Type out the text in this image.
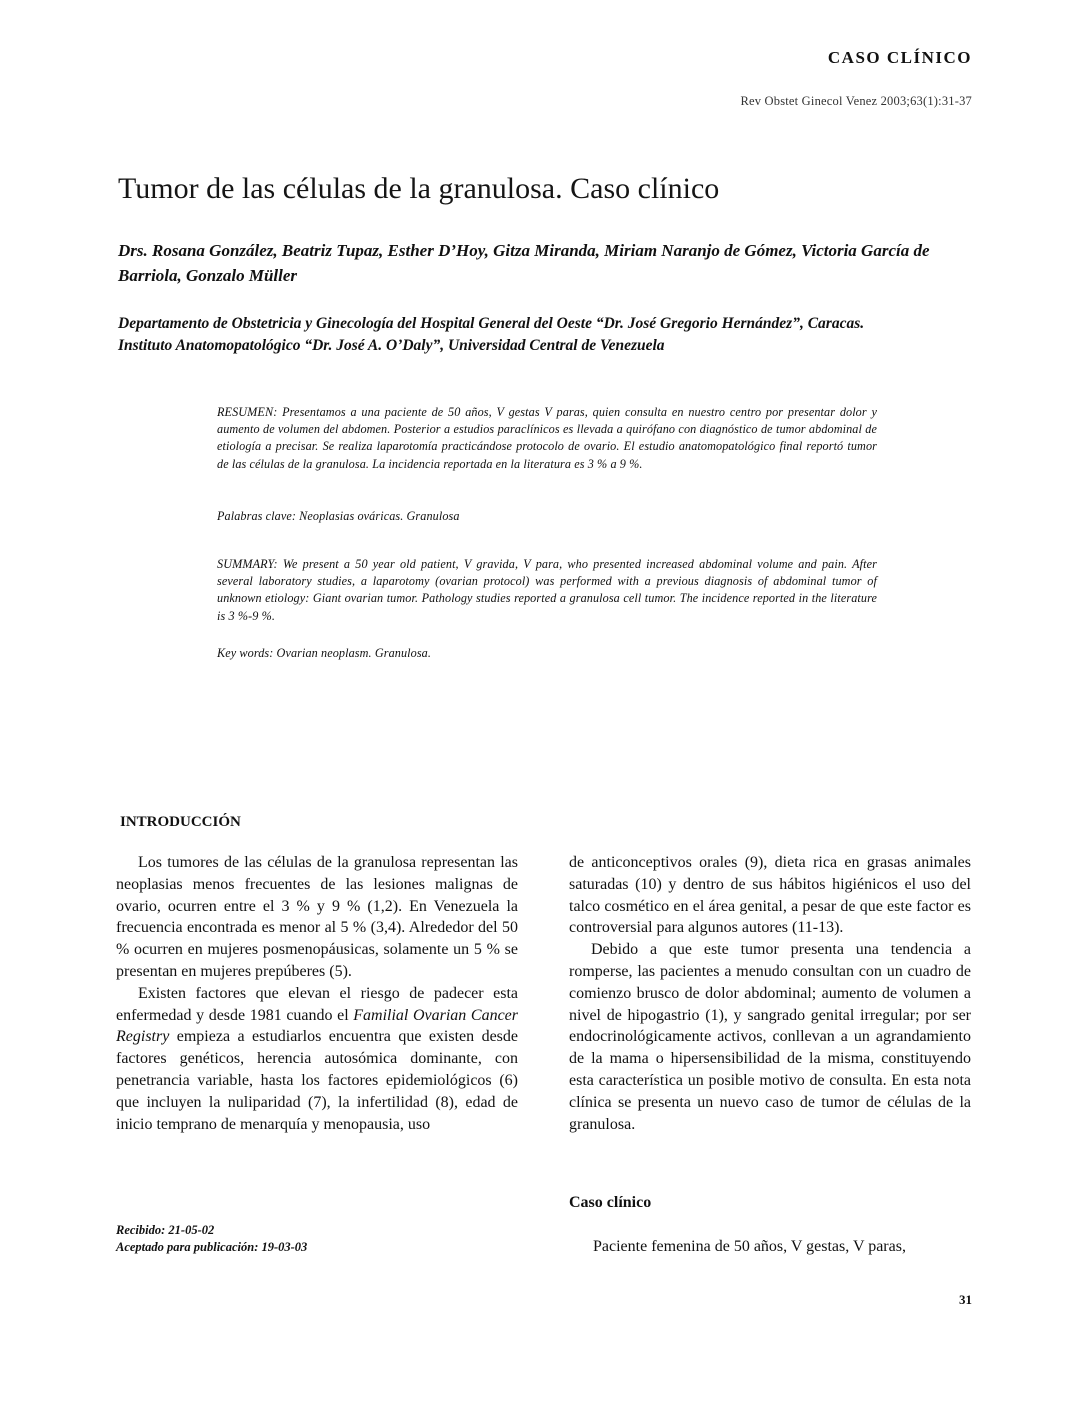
CASO CLÍNICO
Rev Obstet Ginecol Venez 2003;63(1):31-37
Tumor de las células de la granulosa. Caso clínico
Drs. Rosana González, Beatriz Tupaz, Esther D’Hoy, Gitza Miranda, Miriam Naranjo de Gómez, Victoria García de Barriola, Gonzalo Müller
Departamento de Obstetricia y Ginecología del Hospital General del Oeste “Dr. José Gregorio Hernández”, Caracas.
Instituto Anatomopatológico “Dr. José A. O’Daly”, Universidad Central de Venezuela
RESUMEN: Presentamos a una paciente de 50 años, V gestas V paras, quien consulta en nuestro centro por presentar dolor y aumento de volumen del abdomen. Posterior a estudios paraclínicos es llevada a quirófano con diagnóstico de tumor abdominal de etiología a precisar. Se realiza laparotomía practicándose protocolo de ovario. El estudio anatomopatológico final reportó tumor de las células de la granulosa. La incidencia reportada en la literatura es 3 % a 9 %.
Palabras clave: Neoplasias ováricas. Granulosa
SUMMARY: We present a 50 year old patient, V gravida, V para, who presented increased abdominal volume and pain. After several laboratory studies, a laparotomy (ovarian protocol) was performed with a previous diagnosis of abdominal tumor of unknown etiology: Giant ovarian tumor. Pathology studies reported a granulosa cell tumor. The incidence reported in the literature is 3 %-9 %.
Key words: Ovarian neoplasm. Granulosa.
INTRODUCCIÓN

Los tumores de las células de la granulosa representan las neoplasias menos frecuentes de las lesiones malignas de ovario, ocurren entre el 3 % y 9 % (1,2). En Venezuela la frecuencia encontrada es menor al 5 % (3,4). Alrededor del 50 % ocurren en mujeres posmenopáusicas, solamente un 5 % se presentan en mujeres prepúberes (5).

Existen factores que elevan el riesgo de padecer esta enfermedad y desde 1981 cuando el Familial Ovarian Cancer Registry empieza a estudiarlos encuentra que existen desde factores genéticos, herencia autosómica dominante, con penetrancia variable, hasta los factores epidemiológicos (6) que incluyen la nuliparidad (7), la infertilidad (8), edad de inicio temprano de menarquía y menopausia, uso

de anticonceptivos orales (9), dieta rica en grasas animales saturadas (10) y dentro de sus hábitos higiénicos el uso del talco cosmético en el área genital, a pesar de que este factor es controversial para algunos autores (11-13).

Debido a que este tumor presenta una tendencia a romperse, las pacientes a menudo consultan con un cuadro de comienzo brusco de dolor abdominal; aumento de volumen a nivel de hipogastrio (1), y sangrado genital irregular; por ser endocrinológicamente activos, conllevan a un agrandamiento de la mama o hipersensibilidad de la misma, constituyendo esta característica un posible motivo de consulta. En esta nota clínica se presenta un nuevo caso de tumor de células de la granulosa.

Caso clínico

Paciente femenina de 50 años, V gestas, V paras,

Recibido: 21-05-02
Aceptado para publicación: 19-03-03
31
